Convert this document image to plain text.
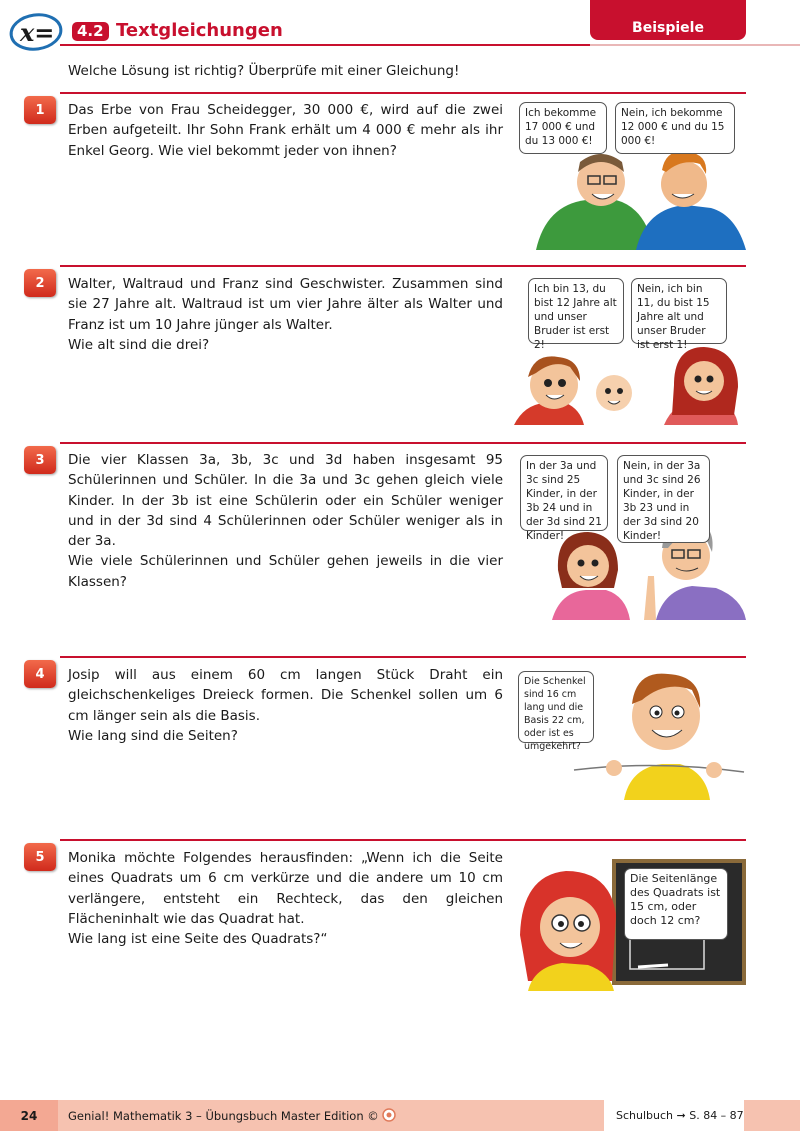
x=	4.2 Textgleichungen	Beispiele
Welche Lösung ist richtig? Überprüfe mit einer Gleichung!
1	Das Erbe von Frau Scheidegger, 30 000 €, wird auf die zwei Erben aufgeteilt. Ihr Sohn Frank erhält um 4 000 € mehr als ihr Enkel Georg. Wie viel bekommt jeder von ihnen?

Ich bekomme 17 000 € und du 13 000 €!
Nein, ich bekomme 12 000 € und du 15 000 €!
2	Walter, Waltraud und Franz sind Geschwister. Zusammen sind sie 27 Jahre alt. Waltraud ist um vier Jahre älter als Walter und Franz ist um 10 Jahre jünger als Walter.

Wie alt sind die drei?

Ich bin 13, du bist 12 Jahre alt und unser Bruder ist erst 2!
Nein, ich bin 11, du bist 15 Jahre alt und unser Bruder ist erst 1!
3	Die vier Klassen 3a, 3b, 3c und 3d haben insgesamt 95 Schülerinnen und Schüler. In die 3a und 3c gehen gleich viele Kinder. In der 3b ist eine Schülerin oder ein Schüler weniger und in der 3d sind 4 Schülerinnen oder Schüler weniger als in der 3a.

Wie viele Schülerinnen und Schüler gehen jeweils in die vier Klassen?

In der 3a und 3c sind 25 Kinder, in der 3b 24 und in der 3d sind 21 Kinder!
Nein, in der 3a und 3c sind 26 Kinder, in der 3b 23 und in der 3d sind 20 Kinder!
4	Josip will aus einem 60 cm langen Stück Draht ein gleichschenkeliges Dreieck formen. Die Schenkel sollen um 6 cm länger sein als die Basis.

Wie lang sind die Seiten?

Die Schenkel sind 16 cm lang und die Basis 22 cm, oder ist es umgekehrt?
5	Monika möchte Folgendes herausfinden: „Wenn ich die Seite eines Quadrats um 6 cm verkürze und die andere um 10 cm verlängere, entsteht ein Rechteck, das den gleichen Flächeninhalt wie das Quadrat hat.

Wie lang ist eine Seite des Quadrats?“

Die Seitenlänge des Quadrats ist 15 cm, oder doch 12 cm?
24	Genial! Mathematik 3 – Übungsbuch Master Edition ©	Schulbuch ➞ S. 84 – 87
